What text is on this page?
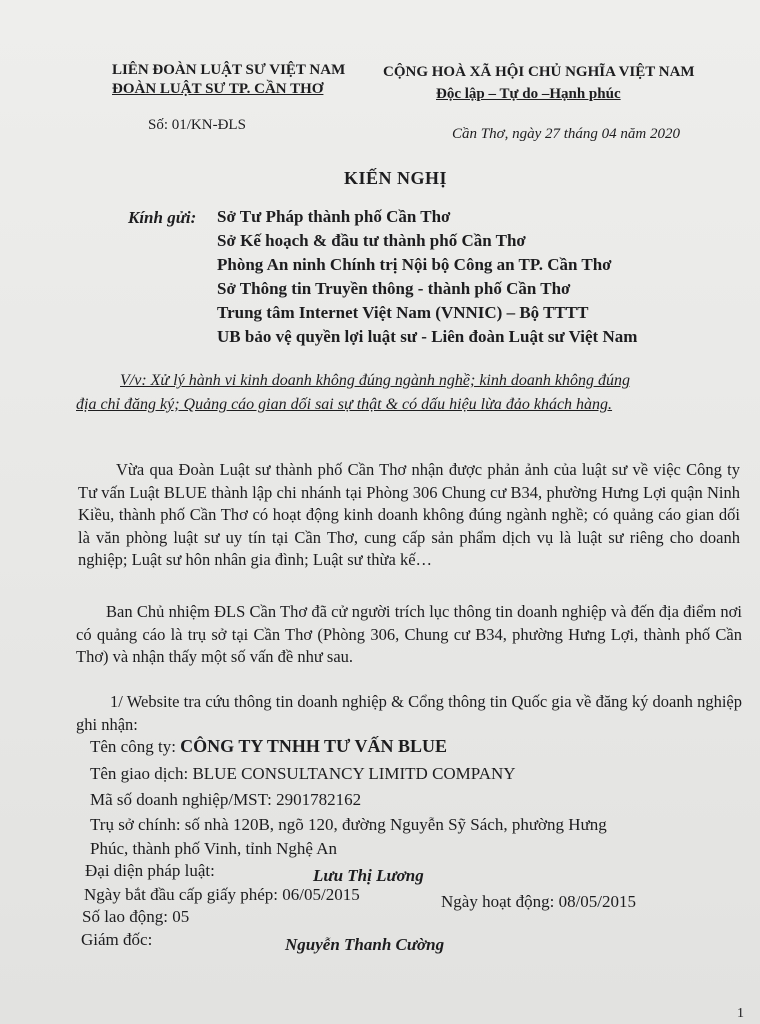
LIÊN ĐOÀN LUẬT SƯ VIỆT NAM
ĐOÀN LUẬT SƯ TP. CẦN THƠ
CỘNG HOÀ XÃ HỘI CHỦ NGHĨA VIỆT NAM
Độc lập – Tự do –Hạnh phúc
Số: 01/KN-ĐLS
Cần Thơ, ngày 27 tháng 04 năm 2020
KIẾN NGHỊ
Kính gửi: Sở Tư Pháp thành phố Cần Thơ
Sở Kế hoạch & đầu tư thành phố Cần Thơ
Phòng An ninh Chính trị Nội bộ Công an TP. Cần Thơ
Sở Thông tin Truyền thông - thành phố Cần Thơ
Trung tâm Internet Việt Nam (VNNIC) – Bộ TTTT
UB bảo vệ quyền lợi luật sư - Liên đoàn Luật sư Việt Nam
V/v: Xử lý hành vi kinh doanh không đúng ngành nghề; kinh doanh không đúng
địa chỉ đăng ký; Quảng cáo gian dối sai sự thật & có dấu hiệu lừa đảo khách hàng.
Vừa qua Đoàn Luật sư thành phố Cần Thơ nhận được phản ảnh của luật sư về việc Công ty Tư vấn Luật BLUE thành lập chi nhánh tại Phòng 306 Chung cư B34, phường Hưng Lợi quận Ninh Kiều, thành phố Cần Thơ có hoạt động kinh doanh không đúng ngành nghề; có quảng cáo gian dối là văn phòng luật sư uy tín tại Cần Thơ, cung cấp sản phẩm dịch vụ là luật sư riêng cho doanh nghiệp; Luật sư hôn nhân gia đình; Luật sư thừa kế…
Ban Chủ nhiệm ĐLS Cần Thơ đã cử người trích lục thông tin doanh nghiệp và đến địa điểm nơi có quảng cáo là trụ sở tại Cần Thơ (Phòng 306, Chung cư B34, phường Hưng Lợi, thành phố Cần Thơ) và nhận thấy một số vấn đề như sau.
1/ Website tra cứu thông tin doanh nghiệp & Cổng thông tin Quốc gia về đăng ký doanh nghiệp ghi nhận:
Tên công ty: CÔNG TY TNHH TƯ VẤN BLUE
Tên giao dịch: BLUE CONSULTANCY LIMITD COMPANY
Mã số doanh nghiệp/MST: 2901782162
Trụ sở chính: số nhà 120B, ngõ 120, đường Nguyễn Sỹ Sách, phường Hưng
Phúc, thành phố Vinh, tỉnh Nghệ An
Đại diện pháp luật:	Lưu Thị Lương
Ngày bắt đầu cấp giấy phép: 06/05/2015	Ngày hoạt động: 08/05/2015
Số lao động: 05
Giám đốc:	Nguyễn Thanh Cường
1
